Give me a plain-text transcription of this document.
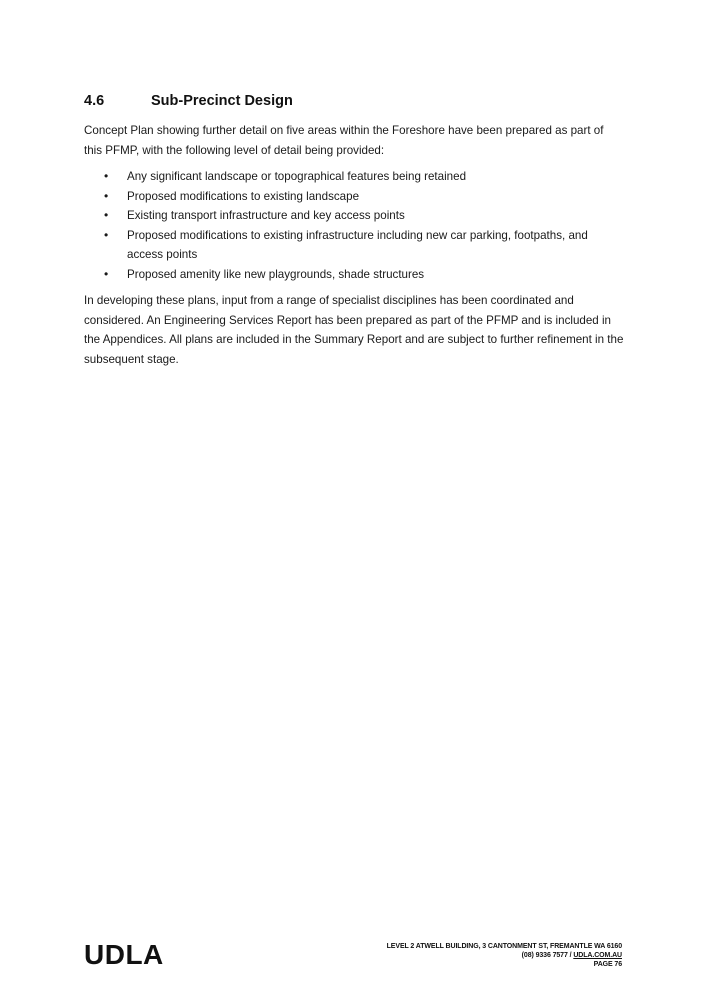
4.6	Sub-Precinct Design

Concept Plan showing further detail on five areas within the Foreshore have been prepared as part of this PFMP, with the following level of detail being provided:

• Any significant landscape or topographical features being retained
• Proposed modifications to existing landscape
• Existing transport infrastructure and key access points
• Proposed modifications to existing infrastructure including new car parking, footpaths, and access points
• Proposed amenity like new playgrounds, shade structures

In developing these plans, input from a range of specialist disciplines has been coordinated and considered. An Engineering Services Report has been prepared as part of the PFMP and is included in the Appendices. All plans are included in the Summary Report and are subject to further refinement in the subsequent stage.

UDLA	LEVEL 2 ATWELL BUILDING, 3 CANTONMENT ST, FREMANTLE WA 6160
(08) 9336 7577 / UDLA.COM.AU
PAGE 76
